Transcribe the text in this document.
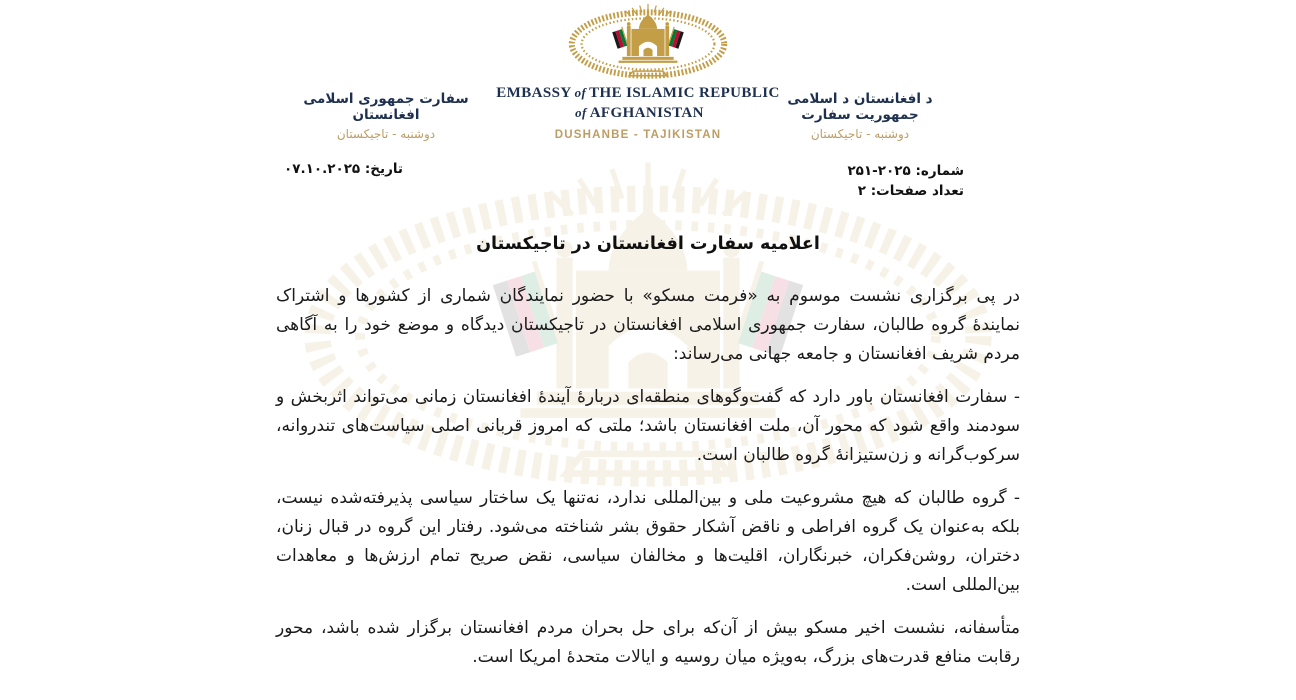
سفارت جمهوری اسلامی افغانستان
دوشنبه - تاجیکستان
EMBASSY of THE ISLAMIC REPUBLIC
of AFGHANISTAN
DUSHANBE - TAJIKISTAN
د افغانستان د اسلامی جمهوریت سفارت
دوشنبه - تاجیکستان
تاریخ: ۰۷.۱۰.۲۰۲۵	شماره: ۲۰۲۵-۲۵۱
تعداد صفحات: ۲
اعلامیه سفارت افغانستان در تاجیکستان

در پی برگزاری نشست موسوم به «فرمت مسکو» با حضور نمایندگان شماری از کشورها و اشتراک نمایندهٔ گروه طالبان، سفارت جمهوری اسلامی افغانستان در تاجیکستان دیدگاه و موضع خود را به آگاهی مردم شریف افغانستان و جامعه جهانی می‌رساند:

- سفارت افغانستان باور دارد که گفت‌وگوهای منطقه‌ای دربارهٔ آیندهٔ افغانستان زمانی می‌تواند اثربخش و سودمند واقع شود که محور آن، ملت افغانستان باشد؛ ملتی که امروز قربانی اصلی سیاست‌های تندروانه، سرکوب‌گرانه و زن‌ستیزانهٔ گروه طالبان است.

- گروه طالبان که هیچ مشروعیت ملی و بین‌المللی ندارد، نه‌تنها یک ساختار سیاسی پذیرفته‌شده نیست، بلکه به‌عنوان یک گروه افراطی و ناقض آشکار حقوق بشر شناخته می‌شود. رفتار این گروه در قبال زنان، دختران، روشن‌فکران، خبرنگاران، اقلیت‌ها و مخالفان سیاسی، نقض صریح تمام ارزش‌ها و معاهدات بین‌المللی است.

متأسفانه، نشست اخیر مسکو بیش از آن‌که برای حل بحران مردم افغانستان برگزار شده باشد، محور رقابت منافع قدرت‌های بزرگ، به‌ویژه میان روسیه و ایالات متحدهٔ امریکا است.
